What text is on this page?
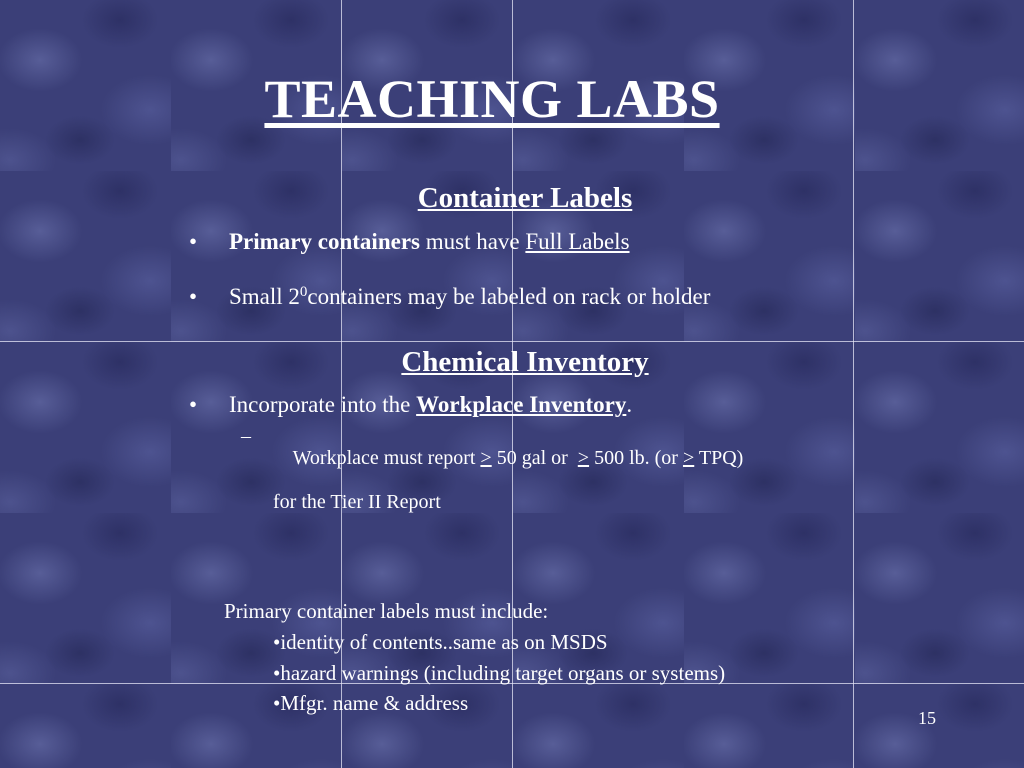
TEACHING LABS
Container Labels
• Primary containers must have Full Labels
• Small $2^0containers$ may be labeled on rack or holder
Chemical Inventory
• Incorporate into the Workplace Inventory.
–

Workplace must report > 50 gal or  > 500 lb. (or > TPQ)

for the Tier II Report
Primary container labels must include:
•identity of contents..same as on MSDS
•hazard warnings (including target organs or systems)
•Mfgr. name & address
15
